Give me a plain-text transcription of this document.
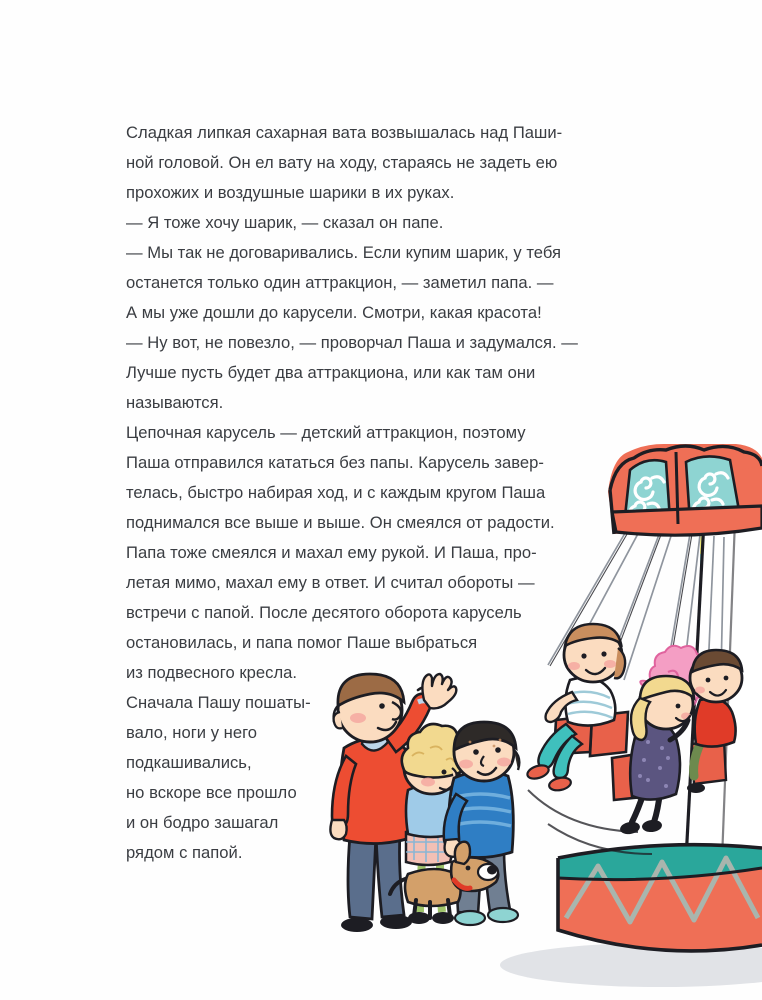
Сладкая липкая сахарная вата возвышалась над Паши-
ной головой. Он ел вату на ходу, стараясь не задеть ею
прохожих и воздушные шарики в их руках.
— Я тоже хочу шарик, — сказал он папе.
— Мы так не договаривались. Если купим шарик, у тебя
останется только один аттракцион, — заметил папа. —
А мы уже дошли до карусели. Смотри, какая красота!
— Ну вот, не повезло, — проворчал Паша и задумался. —
Лучше пусть будет два аттракциона, или как там они
называются.
Цепочная карусель — детский аттракцион, поэтому
Паша отправился кататься без папы. Карусель завер-
телась, быстро набирая ход, и с каждым кругом Паша
поднимался все выше и выше. Он смеялся от радости.
Папа тоже смеялся и махал ему рукой. И Паша, про-
летая мимо, махал ему в ответ. И считал обороты —
встречи с папой. После десятого оборота карусель
остановилась, и папа помог Паше выбраться
из подвесного кресла.
Сначала Пашу пошаты-
вало, ноги у него
подкашивались,
но вскоре все прошло
и он бодро зашагал
рядом с папой.
